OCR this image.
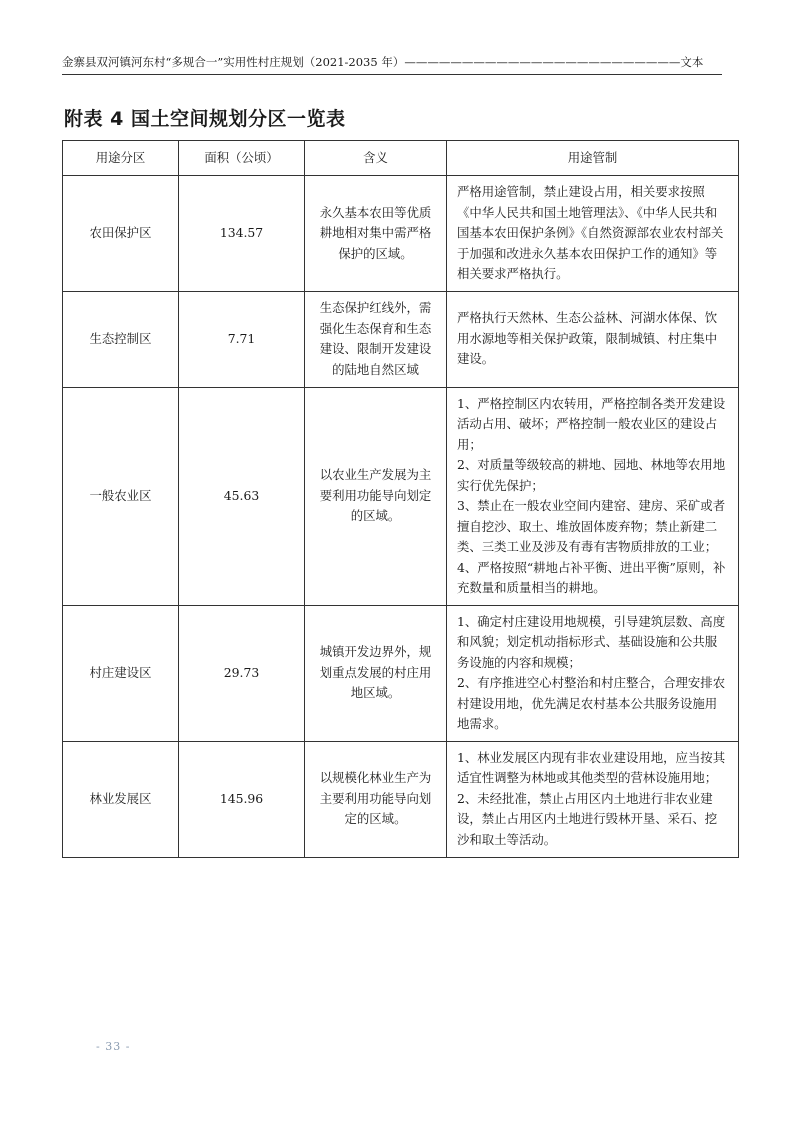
金寨县双河镇河东村“多规合一”实用性村庄规划（2021-2035 年）————————————————————————文本
附表 4 国土空间规划分区一览表
用途分区	面积（公顷）	含义	用途管制
农田保护区	134.57	永久基本农田等优质耕地相对集中需严格保护的区域。	严格用途管制，禁止建设占用，相关要求按照《中华人民共和国土地管理法》、《中华人民共和国基本农田保护条例》《自然资源部农业农村部关于加强和改进永久基本农田保护工作的通知》等相关要求严格执行。

生态控制区	7.71	生态保护红线外，需强化生态保育和生态建设、限制开发建设的陆地自然区域	严格执行天然林、生态公益林、河湖水体保、饮用水源地等相关保护政策，限制城镇、村庄集中建设。

一般农业区	45.63	以农业生产发展为主要利用功能导向划定的区域。	1、严格控制区内农转用，严格控制各类开发建设活动占用、破坏；严格控制一般农业区的建设占用；
2、对质量等级较高的耕地、园地、林地等农用地实行优先保护；
3、禁止在一般农业空间内建窑、建房、采矿或者擅自挖沙、取土、堆放固体废弃物；禁止新建二类、三类工业及涉及有毒有害物质排放的工业；
4、严格按照“耕地占补平衡、进出平衡”原则，补充数量和质量相当的耕地。

村庄建设区	29.73	城镇开发边界外，规划重点发展的村庄用地区域。	1、确定村庄建设用地规模，引导建筑层数、高度和风貌；划定机动指标形式、基础设施和公共服务设施的内容和规模；
2、有序推进空心村整治和村庄整合，合理安排农村建设用地，优先满足农村基本公共服务设施用地需求。

林业发展区	145.96	以规模化林业生产为主要利用功能导向划定的区域。	1、林业发展区内现有非农业建设用地，应当按其适宜性调整为林地或其他类型的营林设施用地；
2、未经批准，禁止占用区内土地进行非农业建设，禁止占用区内土地进行毁林开垦、采石、挖沙和取土等活动。
- 33 -
